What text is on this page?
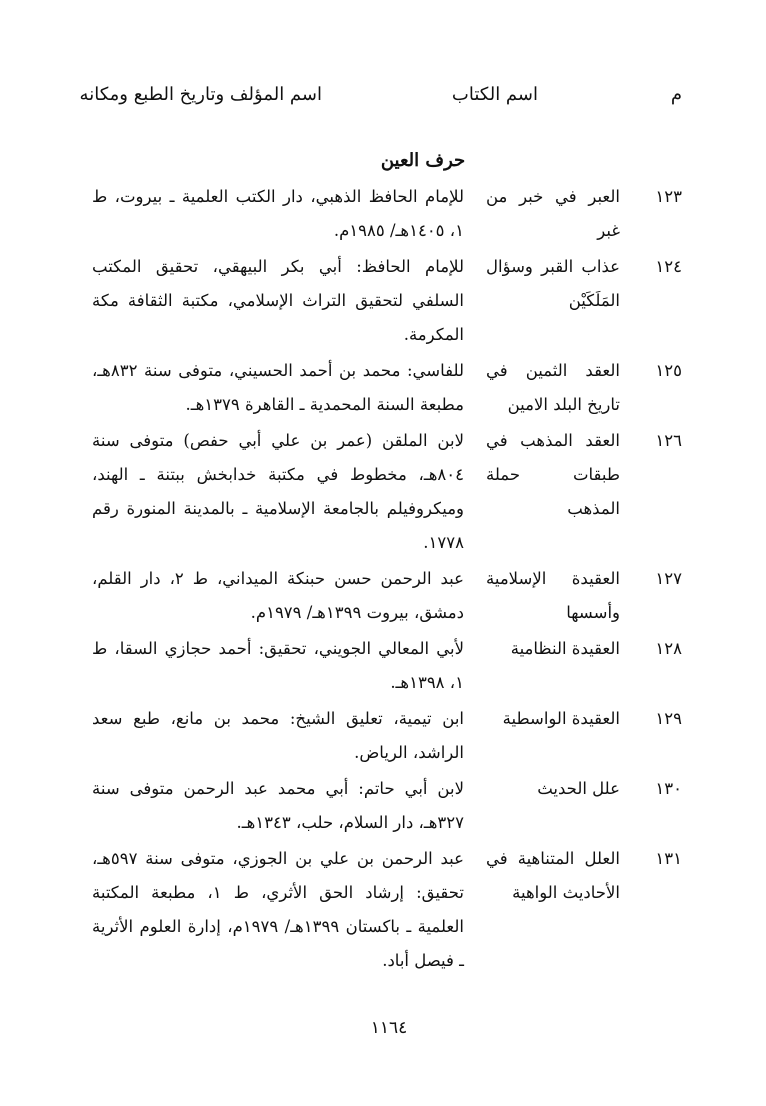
م
اسم الكتاب
اسم المؤلف وتاريخ الطبع ومكانه
حرف العين
١٢٣
العبر في خبر من غبر
للإمام الحافظ الذهبي، دار الكتب العلمية ـ بيروت، ط ١، ١٤٠٥هـ/ ١٩٨٥م.
١٢٤
عذاب القبر وسؤال المَلَكَيْن
للإمام الحافظ: أبي بكر البيهقي، تحقيق المكتب السلفي لتحقيق التراث الإسلامي، مكتبة الثقافة مكة المكرمة.
١٢٥
العقد الثمين في تاريخ البلد الامين
للفاسي: محمد بن أحمد الحسيني، متوفى سنة ٨٣٢هـ، مطبعة السنة المحمدية ـ القاهرة ١٣٧٩هـ.
١٢٦
العقد المذهب في طبقات حملة المذهب
لابن الملقن (عمر بن علي أبي حفص) متوفى سنة ٨٠٤هـ، مخطوط في مكتبة خدابخش ببتنة ـ الهند، وميكروفيلم بالجامعة الإسلامية ـ بالمدينة المنورة رقم ١٧٧٨.
١٢٧
العقيدة الإسلامية وأسسها
عبد الرحمن حسن حبنكة الميداني، ط ٢، دار القلم، دمشق، بيروت ١٣٩٩هـ/ ١٩٧٩م.
١٢٨
العقيدة النظامية
لأبي المعالي الجويني، تحقيق: أحمد حجازي السقا، ط ١، ١٣٩٨هـ.
١٢٩
العقيدة الواسطية
ابن تيمية، تعليق الشيخ: محمد بن مانع، طبع سعد الراشد، الرياض.
١٣٠
علل الحديث
لابن أبي حاتم: أبي محمد عبد الرحمن متوفى سنة ٣٢٧هـ، دار السلام، حلب، ١٣٤٣هـ.
١٣١
العلل المتناهية في الأحاديث الواهية
عبد الرحمن بن علي بن الجوزي، متوفى سنة ٥٩٧هـ، تحقيق: إرشاد الحق الأثري، ط ١، مطبعة المكتبة العلمية ـ باكستان ١٣٩٩هـ/ ١٩٧٩م، إدارة العلوم الأثرية ـ فيصل أباد.
١١٦٤
